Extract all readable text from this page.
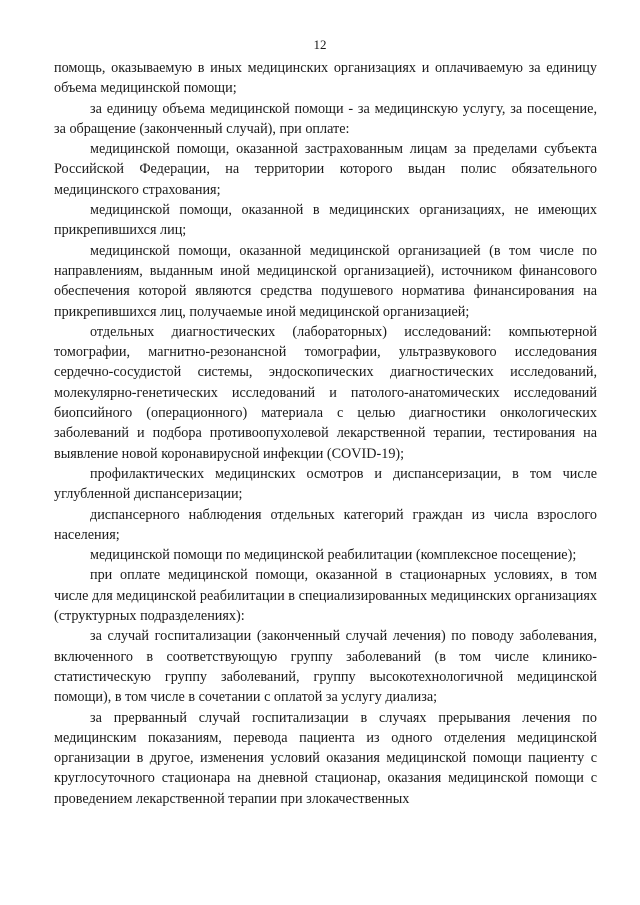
12

помощь, оказываемую в иных медицинских организациях и оплачиваемую за единицу объема медицинской помощи;

за единицу объема медицинской помощи - за медицинскую услугу, за посещение, за обращение (законченный случай), при оплате:

медицинской помощи, оказанной застрахованным лицам за пределами субъекта Российской Федерации, на территории которого выдан полис обязательного медицинского страхования;

медицинской помощи, оказанной в медицинских организациях, не имеющих прикрепившихся лиц;

медицинской помощи, оказанной медицинской организацией (в том числе по направлениям, выданным иной медицинской организацией), источником финансового обеспечения которой являются средства подушевого норматива финансирования на прикрепившихся лиц, получаемые иной медицинской организацией;

отдельных диагностических (лабораторных) исследований: компьютерной томографии, магнитно-резонансной томографии, ультразвукового исследования сердечно-сосудистой системы, эндоскопических диагностических исследований, молекулярно-генетических исследований и патолого-анатомических исследований биопсийного (операционного) материала с целью диагностики онкологических заболеваний и подбора противоопухолевой лекарственной терапии, тестирования на выявление новой коронавирусной инфекции (COVID-19);

профилактических медицинских осмотров и диспансеризации, в том числе углубленной диспансеризации;

диспансерного наблюдения отдельных категорий граждан из числа взрослого населения;

медицинской помощи по медицинской реабилитации (комплексное посещение);

при оплате медицинской помощи, оказанной в стационарных условиях, в том числе для медицинской реабилитации в специализированных медицинских организациях (структурных подразделениях):

за случай госпитализации (законченный случай лечения) по поводу заболевания, включенного в соответствующую группу заболеваний (в том числе клинико-статистическую группу заболеваний, группу высокотехнологичной медицинской помощи), в том числе в сочетании с оплатой за услугу диализа;

за прерванный случай госпитализации в случаях прерывания лечения по медицинским показаниям, перевода пациента из одного отделения медицинской организации в другое, изменения условий оказания медицинской помощи пациенту с круглосуточного стационара на дневной стационар, оказания медицинской помощи с проведением лекарственной терапии при злокачественных
